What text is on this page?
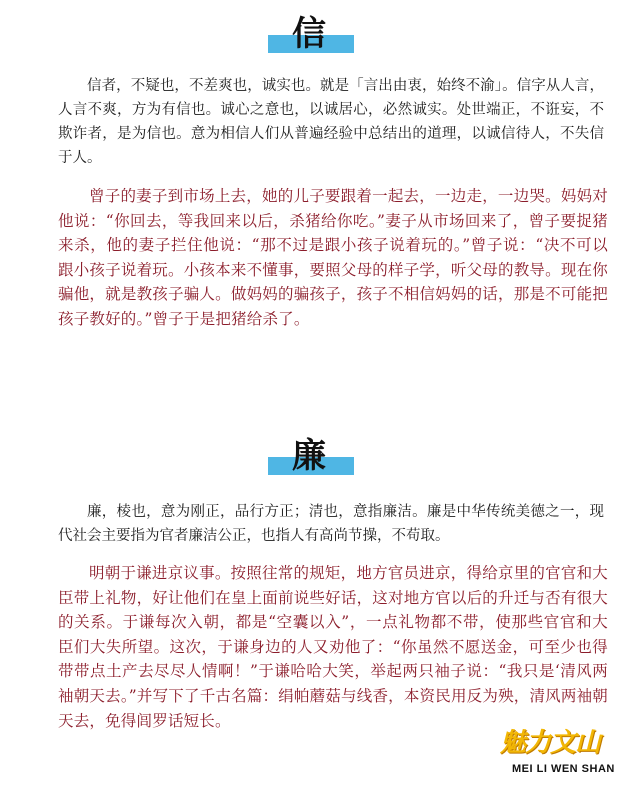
信

信者，不疑也，不差爽也，诚实也。就是「言出由衷，始终不渝」。信字从人言，人言不爽，方为有信也。诚心之意也，以诚居心，必然诚实。处世端正，不诳妄，不欺诈者，是为信也。意为相信人们从普遍经验中总结出的道理，以诚信待人，不失信于人。

曾子的妻子到市场上去，她的儿子要跟着一起去，一边走，一边哭。妈妈对他说：“你回去，等我回来以后，杀猪给你吃。”妻子从市场回来了，曾子要捉猪来杀，他的妻子拦住他说：“那不过是跟小孩子说着玩的。”曾子说：“决不可以跟小孩子说着玩。小孩本来不懂事，要照父母的样子学，听父母的教导。现在你骗他，就是教孩子骗人。做妈妈的骗孩子，孩子不相信妈妈的话，那是不可能把孩子教好的。”曾子于是把猪给杀了。

廉

廉，棱也，意为刚正，品行方正；清也，意指廉洁。廉是中华传统美德之一，现代社会主要指为官者廉洁公正，也指人有高尚节操，不苟取。

明朝于谦进京议事。按照往常的规矩，地方官员进京，得给京里的官官和大臣带上礼物，好让他们在皇上面前说些好话，这对地方官以后的升迁与否有很大的关系。于谦每次入朝，都是“空囊以入”，一点礼物都不带，使那些官官和大臣们大失所望。这次，于谦身边的人又劝他了：“你虽然不愿送金，可至少也得带带点土产去尽尽人情啊！”于谦哈哈大笑，举起两只袖子说：“我只是‘清风两袖朝天去。”并写下了千古名篇：绢帕蘑菇与线香，本资民用反为殃，清风两袖朝天去，免得闾罗话短长。

魅力文山
MEI LI WEN SHAN
